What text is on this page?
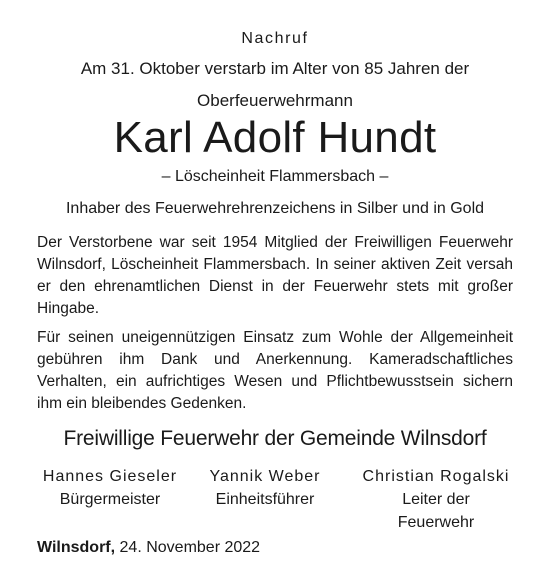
Nachruf
Am 31. Oktober verstarb im Alter von 85 Jahren der
Oberfeuerwehrmann
Karl Adolf Hundt
– Löscheinheit Flammersbach –
Inhaber des Feuerwehrehrenzeichens in Silber und in Gold
Der Verstorbene war seit 1954 Mitglied der Freiwilligen Feuerwehr Wilnsdorf, Löscheinheit Flammersbach. In seiner aktiven Zeit versah er den ehrenamtlichen Dienst in der Feuerwehr stets mit großer Hingabe.
Für seinen uneigennützigen Einsatz zum Wohle der Allgemeinheit gebühren ihm Dank und Anerkennung. Kameradschaftliches Verhalten, ein aufrichtiges Wesen und Pflichtbewusstsein sichern ihm ein bleibendes Gedenken.
Freiwillige Feuerwehr der Gemeinde Wilnsdorf
Hannes Gieseler
Bürgermeister
Yannik Weber
Einheitsführer
Christian Rogalski
Leiter der
Feuerwehr
Wilnsdorf, 24. November 2022
